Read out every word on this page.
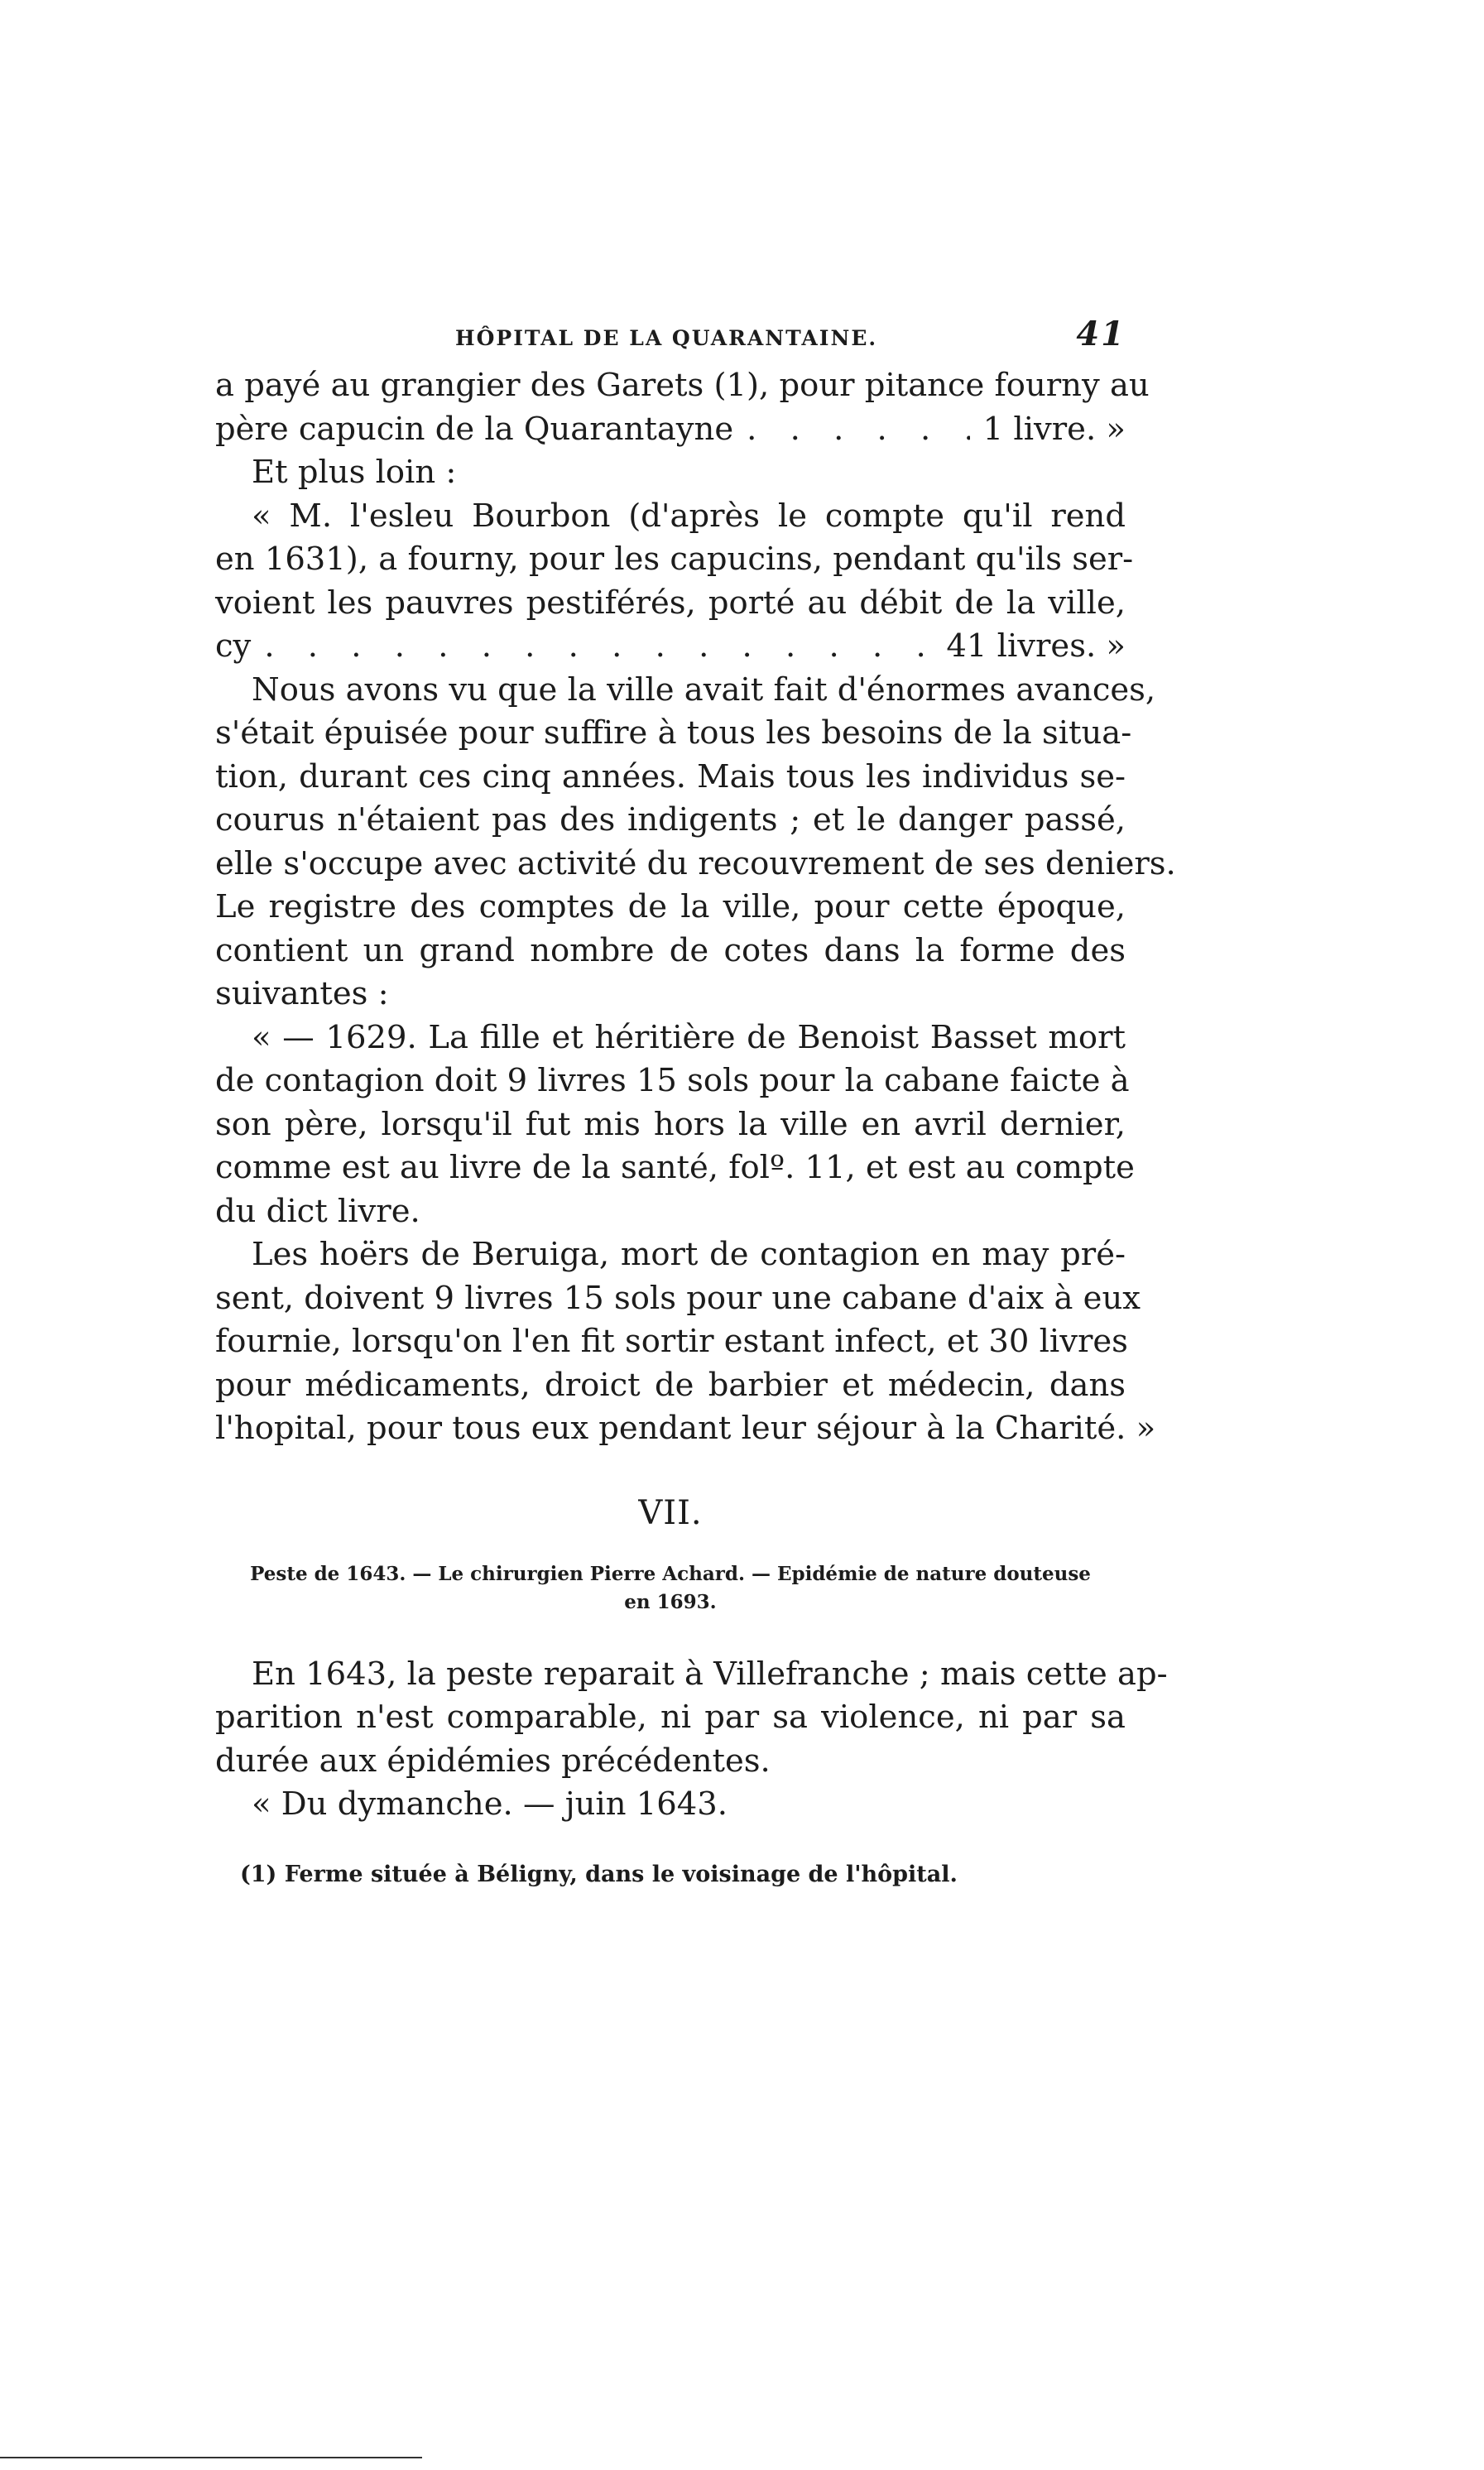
HÔPITAL DE LA QUARANTAINE.	41
a payé au grangier des Garets (1), pour pitance fourny au
père capucin de la Quarantayne . . .	1 livre. »
Et plus loin :
« M. l'esleu Bourbon (d'après le compte qu'il rend
en 1631), a fourny, pour les capucins, pendant qu'ils ser-
voient les pauvres pestiférés, porté au débit de la ville,
cy . . .	41 livres. »
Nous avons vu que la ville avait fait d'énormes avances,
s'était épuisée pour suffire à tous les besoins de la situa-
tion, durant ces cinq années. Mais tous les individus se-
courus n'étaient pas des indigents ; et le danger passé,
elle s'occupe avec activité du recouvrement de ses deniers.
Le registre des comptes de la ville, pour cette époque,
contient un grand nombre de cotes dans la forme des
suivantes :
« — 1629. La fille et héritière de Benoist Basset mort
de contagion doit 9 livres 15 sols pour la cabane faicte à
son père, lorsqu'il fut mis hors la ville en avril dernier,
comme est au livre de la santé, folº. 11, et est au compte
du dict livre.
Les hoërs de Beruiga, mort de contagion en may pré-
sent, doivent 9 livres 15 sols pour une cabane d'aix à eux
fournie, lorsqu'on l'en fit sortir estant infect, et 30 livres
pour médicaments, droict de barbier et médecin, dans
l'hopital, pour tous eux pendant leur séjour à la Charité. »
VII.
Peste de 1643. — Le chirurgien Pierre Achard. — Epidémie de nature douteuse
en 1693.
En 1643, la peste reparait à Villefranche ; mais cette ap-
parition n'est comparable, ni par sa violence, ni par sa
durée aux épidémies précédentes.
« Du dymanche. — juin 1643.
(1) Ferme située à Béligny, dans le voisinage de l'hôpital.
